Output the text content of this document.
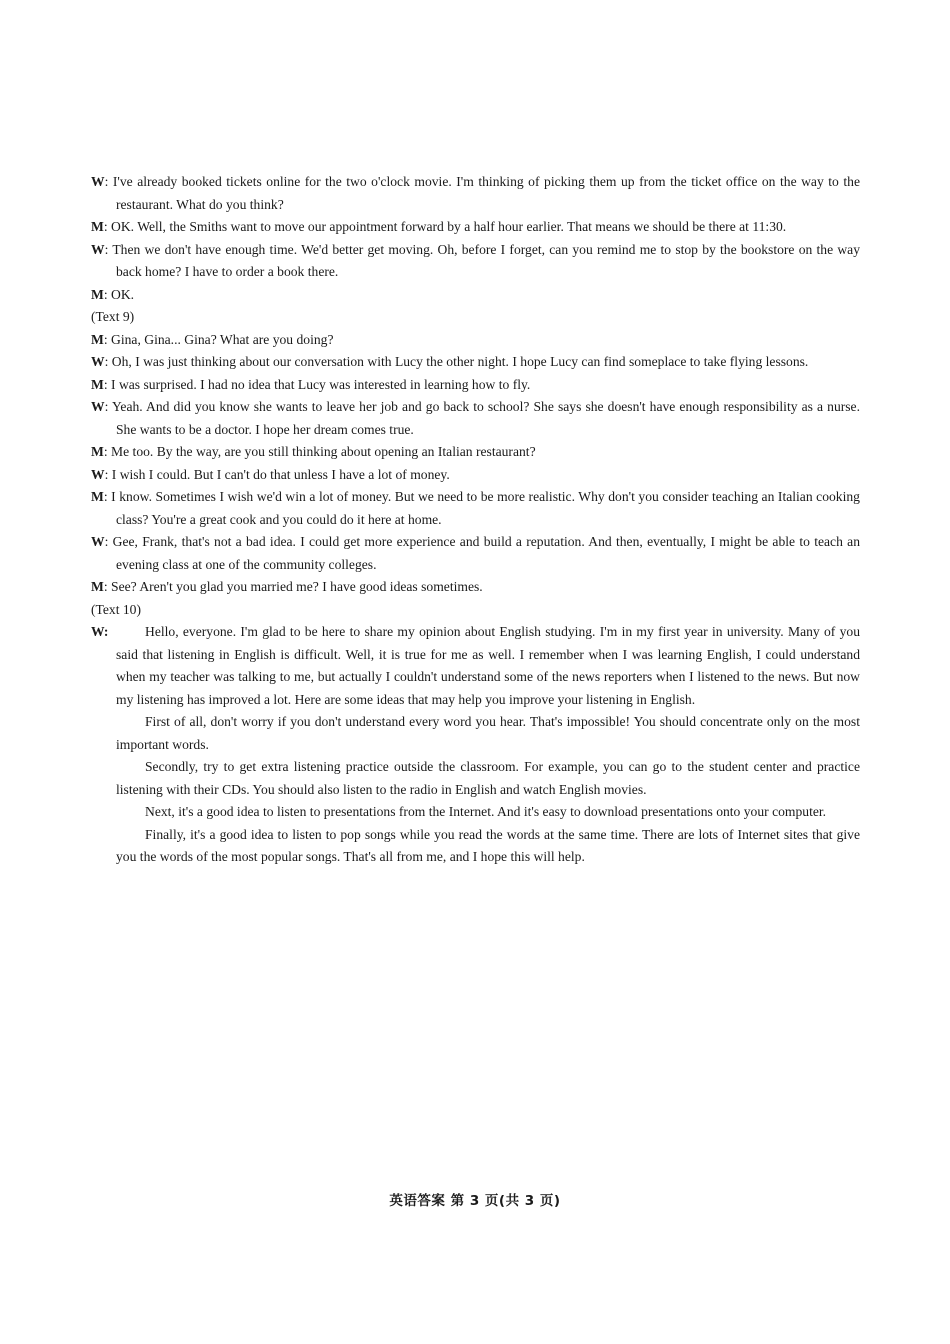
W: I've already booked tickets online for the two o'clock movie. I'm thinking of picking them up from the ticket office on the way to the restaurant. What do you think?
M: OK. Well, the Smiths want to move our appointment forward by a half hour earlier. That means we should be there at 11:30.
W: Then we don't have enough time. We'd better get moving. Oh, before I forget, can you remind me to stop by the bookstore on the way back home? I have to order a book there.
M: OK.
(Text 9)
M: Gina, Gina... Gina? What are you doing?
W: Oh, I was just thinking about our conversation with Lucy the other night. I hope Lucy can find someplace to take flying lessons.
M: I was surprised. I had no idea that Lucy was interested in learning how to fly.
W: Yeah. And did you know she wants to leave her job and go back to school? She says she doesn't have enough responsibility as a nurse. She wants to be a doctor. I hope her dream comes true.
M: Me too. By the way, are you still thinking about opening an Italian restaurant?
W: I wish I could. But I can't do that unless I have a lot of money.
M: I know. Sometimes I wish we'd win a lot of money. But we need to be more realistic. Why don't you consider teaching an Italian cooking class? You're a great cook and you could do it here at home.
W: Gee, Frank, that's not a bad idea. I could get more experience and build a reputation. And then, eventually, I might be able to teach an evening class at one of the community colleges.
M: See? Aren't you glad you married me? I have good ideas sometimes.
(Text 10)
W:	Hello, everyone. I'm glad to be here to share my opinion about English studying. I'm in my first year in university. Many of you said that listening in English is difficult. Well, it is true for me as well. I remember when I was learning English, I could understand when my teacher was talking to me, but actually I couldn't understand some of the news reporters when I listened to the news. But now my listening has improved a lot. Here are some ideas that may help you improve your listening in English.
First of all, don't worry if you don't understand every word you hear. That's impossible! You should concentrate only on the most important words.
Secondly, try to get extra listening practice outside the classroom. For example, you can go to the student center and practice listening with their CDs. You should also listen to the radio in English and watch English movies.
Next, it's a good idea to listen to presentations from the Internet. And it's easy to download presentations onto your computer.
Finally, it's a good idea to listen to pop songs while you read the words at the same time. There are lots of Internet sites that give you the words of the most popular songs. That's all from me, and I hope this will help.
英语答案 第 3 页(共 3 页)
